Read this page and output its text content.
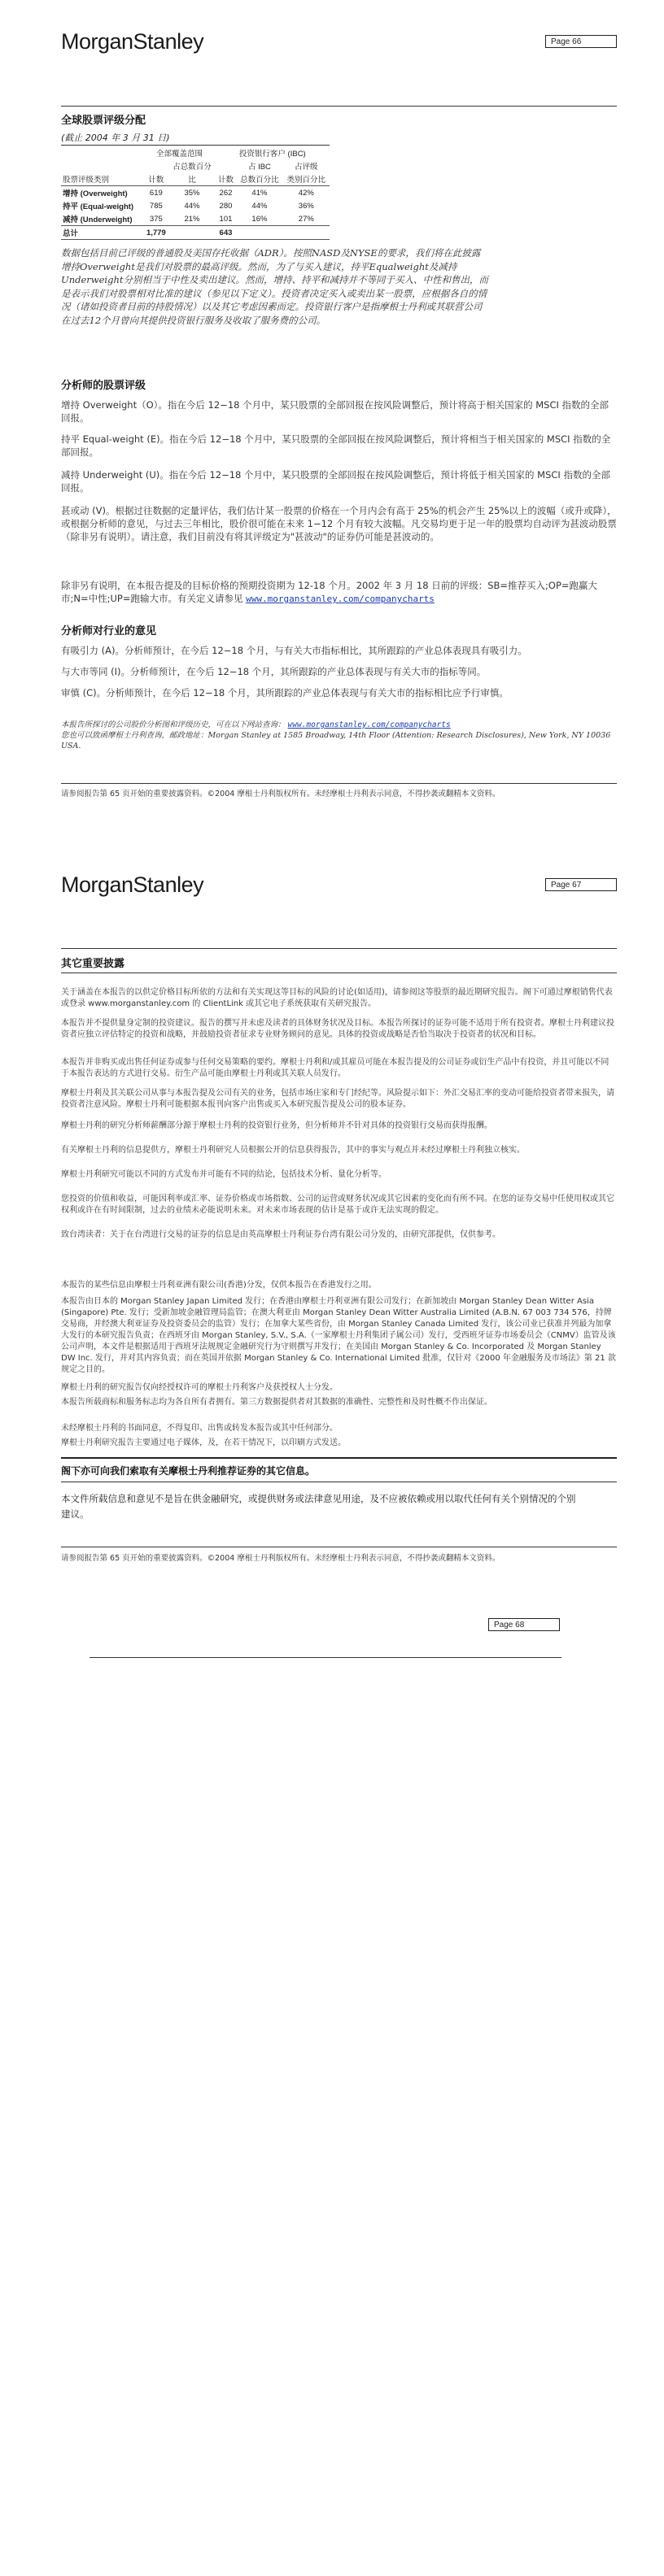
MorganStanley	Page 66
全球股票评级分配
(截止 2004 年 3 月 31 日)
	全部覆盖范围		投资银行客户 (IBC)		
		占总数百分		占 IBC	占评级
股票评级类别	计数	比	计数	总数百分比	类别百分比
增持 (Overweight)	619	35%	262	41%	42%
持平 (Equal-weight)	785	44%	280	44%	36%
减持 (Underweight)	375	21%	101	16%	27%
总计	1,779		643		
数据包括目前已评级的普通股及美国存托收据（ADR）。按照NASD及NYSE的要求，我们将在此披露增持Overweight是我们对股票的最高评级。然而，为了与买入建议，持平Equalweight及减持Underweight分别相当于中性及卖出建议。然而，增持、持平和减持并不等同于买入、中性和售出，而是表示我们对股票相对比准的建议（参见以下定义）。投资者决定买入或卖出某一股票，应根据各自的情况（诸如投资者目前的持股情况）以及其它考虑因素而定。投资银行客户是指摩根士丹利或其联营公司在过去12个月曾向其提供投资银行服务及收取了服务费的公司。
分析师的股票评级
增持 Overweight（O）。指在今后 12−18 个月中，某只股票的全部回报在按风险调整后，预计将高于相关国家的 MSCI 指数的全部回报。
持平 Equal-weight (E)。指在今后 12−18 个月中，某只股票的全部回报在按风险调整后，预计将相当于相关国家的 MSCI 指数的全部回报。
减持 Underweight (U)。指在今后 12−18 个月中，某只股票的全部回报在按风险调整后，预计将低于相关国家的 MSCI 指数的全部回报。
甚或动 (V)。根据过往数据的定量评估，我们估计某一股票的价格在一个月内会有高于 25%的机会产生 25%以上的波幅（或升或降），或根据分析师的意见，与过去三年相比，股价很可能在未来 1−12 个月有较大波幅。凡交易均更于足一年的股票均自动评为甚波动股票（除非另有说明）。请注意，我们目前没有将其评级定为"甚波动"的证券仍可能是甚波动的。
除非另有说明，在本报告提及的目标价格的预期投资期为 12-18 个月。2002 年 3 月 18 日前的评级：SB=推荐买入;OP=跑赢大市;N=中性;UP=跑输大市。有关定义请参见 www.morganstanley.com/companycharts
分析师对行业的意见
有吸引力 (A)。分析师预计，在今后 12−18 个月，与有关大市指标相比，其所跟踪的产业总体表现具有吸引力。
与大市等同 (I)。分析师预计，在今后 12−18 个月，其所跟踪的产业总体表现与有关大市的指标等同。
审慎 (C)。分析师预计，在今后 12−18 个月，其所跟踪的产业总体表现与有关大市的指标相比应予行审慎。
本报告所探讨的公司股价分析图和评级历史，可在以下网站查询： www.morganstanley.com/companycharts
您也可以致函摩根士丹利查询，邮政地址：Morgan Stanley at 1585 Broadway, 14th Floor (Attention: Research Disclosures), New York, NY 10036 USA.
请参阅报告第 65 页开始的重要披露资料。©2004 摩根士丹利版权所有。未经摩根士丹利表示同意，不得抄袭或翻精本文资料。
MorganStanley	Page 67
其它重要披露
关于涵盖在本报告的以供定价格目标所依的方法和有关实现这等目标的风险的讨论(如适用)，请参阅这等股票的最近期研究报告。阁下可通过摩根销售代表或登录 www.morganstanley.com 的 ClientLink 或其它电子系统获取有关研究报告。
本报告并不提供量身定制的投资建议。报告的撰写并未虑及读者的具体财务状况及目标。本报告所探讨的证券可能不适用于所有投资者。摩根士丹利建议投资者应独立评估特定的投资和战略，并鼓励投资者征求专业财务顾问的意见。具体的投资或战略是否恰当取决于投资者的状况和目标。
本报告并非购买或出售任何证券或参与任何交易策略的要约。摩根士丹利和/或其雇员可能在本报告提及的公司证券或衍生产品中有投资，并且可能以不同于本报告表达的方式进行交易。衍生产品可能由摩根士丹利或其关联人员发行。
摩根士丹利及其关联公司从事与本报告提及公司有关的业务，包括市场庄家和专门经纪等。风险提示如下：外汇交易汇率的变动可能给投资者带来损失，请投资者注意风险。摩根士丹利可能根据本报刊向客户出售或买入本研究报告提及公司的股本证券。
摩根士丹利的研究分析师薪酬部分源于摩根士丹利的投资银行业务，但分析师并不针对具体的投资银行交易而获得报酬。
有关摩根士丹利的信息提供方，摩根士丹利研究人员根据公开的信息获得报告，其中的事实与观点并未经过摩根士丹利独立核实。
摩根士丹利研究可能以不同的方式发布并可能有不同的结论，包括技术分析、量化分析等。
您投资的价值和收益，可能因利率或汇率、证券价格或市场指数、公司的运营或财务状况或其它因素的变化而有所不同。在您的证券交易中任使用权或其它权利或许在有时间限制，过去的业绩未必能说明未来。对未来市场表现的估计是基于或许无法实现的假定。
致台湾读者：关于在台湾进行交易的证券的信息是由英高摩根士丹利证券台湾有限公司分发的，由研究部提供，仅供参考。
本报告的某些信息由摩根士丹利亚洲有限公司(香港)分发，仅供本报告在香港发行之用。
本报告由日本的 Morgan Stanley Japan Limited 发行；在香港由摩根士丹利亚洲有限公司发行；在新加坡由 Morgan Stanley Dean Witter Asia (Singapore) Pte. 发行；受新加坡金融管理局监管；在澳大利亚由 Morgan Stanley Dean Witter Australia Limited (A.B.N. 67 003 734 576，持牌交易商，并经澳大利亚证券及投资委员会的监管）发行；在加拿大某些省份，由 Morgan Stanley Canada Limited 发行，该公司业已获准并列最为加拿大发行的本研究报告负责；在西班牙由 Morgan Stanley, S.V., S.A.（一家摩根士丹利集团子属公司）发行，受西班牙证券市场委员会（CNMV）监管及该公司声明，本文件是根据适用于西班牙法规规定金融研究行为守则撰写并发行；在美国由 Morgan Stanley & Co. Incorporated 及 Morgan Stanley DW Inc. 发行，并对其内容负责；而在英国并依据 Morgan Stanley & Co. International Limited 批准，仅针对《2000 年金融服务及市场法》第 21 款规定之目的。
摩根士丹利的研究报告仅向经授权许可的摩根士丹利客户及获授权人士分发。
本报告所载商标和服务标志均为各自所有者拥有。第三方数据提供者对其数据的准确性、完整性和及时性概不作出保证。
未经摩根士丹利的书面同意，不得复印、出售或转发本报告或其中任何部分。
摩根士丹利研究报告主要通过电子媒体，及，在若干情况下，以印刷方式发送。
阁下亦可向我们索取有关摩根士丹利推荐证券的其它信息。
本文件所载信息和意见不是旨在供金融研究，或提供财务或法律意见用途，及不应被依赖或用以取代任何有关个别情况的个别建议。
请参阅报告第 65 页开始的重要披露资料。©2004 摩根士丹利版权所有。未经摩根士丹利表示同意，不得抄袭或翻精本文资料。
Page 68
